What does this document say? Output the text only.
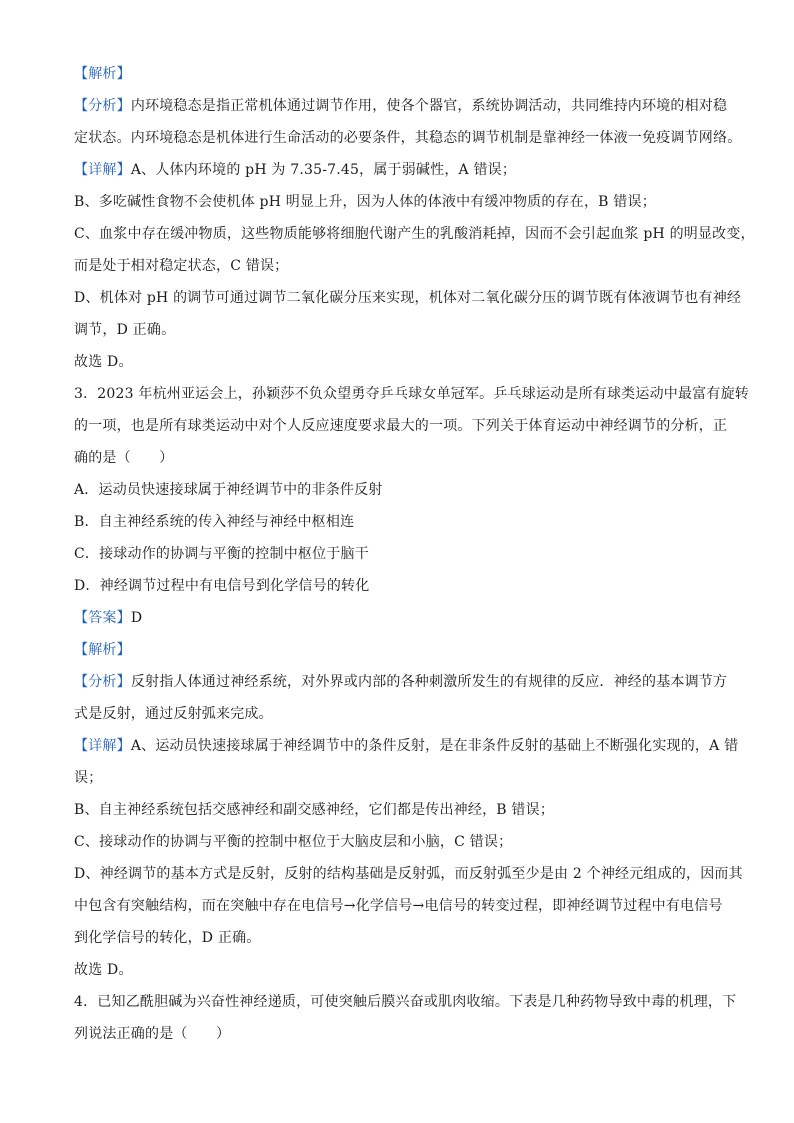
【解析】
【分析】内环境稳态是指正常机体通过调节作用，使各个器官，系统协调活动，共同维持内环境的相对稳
定状态。内环境稳态是机体进行生命活动的必要条件，其稳态的调节机制是靠神经一体液一免疫调节网络。
【详解】A、人体内环境的 pH 为 7.35-7.45，属于弱碱性，A 错误；
B、多吃碱性食物不会使机体 pH 明显上升，因为人体的体液中有缓冲物质的存在，B 错误；
C、血浆中存在缓冲物质，这些物质能够将细胞代谢产生的乳酸消耗掉，因而不会引起血浆 pH 的明显改变，
而是处于相对稳定状态，C 错误；
D、机体对 pH 的调节可通过调节二氧化碳分压来实现，机体对二氧化碳分压的调节既有体液调节也有神经
调节，D 正确。
故选 D。
3．2023 年杭州亚运会上，孙颖莎不负众望勇夺乒乓球女单冠军。乒乓球运动是所有球类运动中最富有旋转
的一项，也是所有球类运动中对个人反应速度要求最大的一项。下列关于体育运动中神经调节的分析，正
确的是（　　）
A．运动员快速接球属于神经调节中的非条件反射
B．自主神经系统的传入神经与神经中枢相连
C．接球动作的协调与平衡的控制中枢位于脑干
D．神经调节过程中有电信号到化学信号的转化
【答案】D
【解析】
【分析】反射指人体通过神经系统，对外界或内部的各种刺激所发生的有规律的反应．神经的基本调节方
式是反射，通过反射弧来完成。
【详解】A、运动员快速接球属于神经调节中的条件反射，是在非条件反射的基础上不断强化实现的，A 错
误；
B、自主神经系统包括交感神经和副交感神经，它们都是传出神经，B 错误；
C、接球动作的协调与平衡的控制中枢位于大脑皮层和小脑，C 错误；
D、神经调节的基本方式是反射，反射的结构基础是反射弧，而反射弧至少是由 2 个神经元组成的，因而其
中包含有突触结构，而在突触中存在电信号→化学信号→电信号的转变过程，即神经调节过程中有电信号
到化学信号的转化，D 正确。
故选 D。
4．已知乙酰胆碱为兴奋性神经递质，可使突触后膜兴奋或肌肉收缩。下表是几种药物导致中毒的机理，下
列说法正确的是（　　）
